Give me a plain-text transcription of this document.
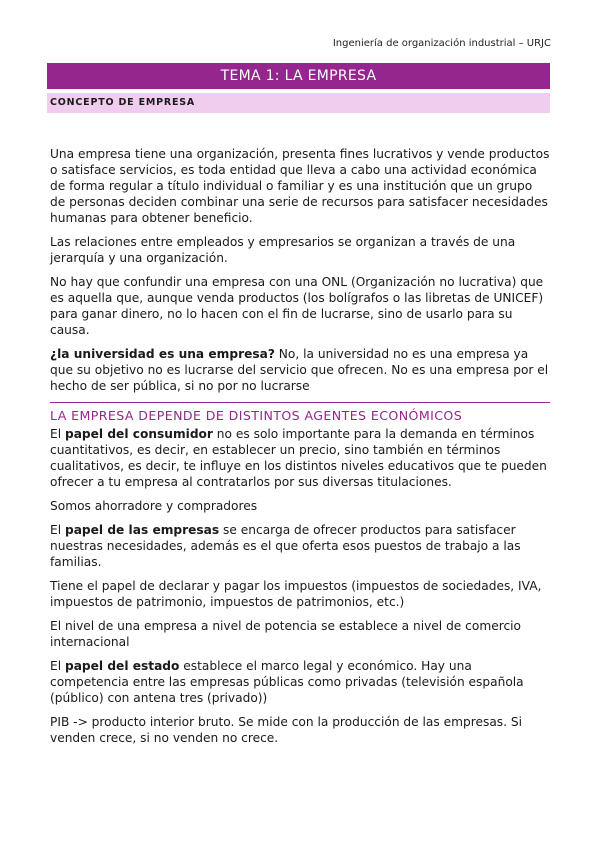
Ingeniería de organización industrial – URJC
TEMA 1: LA EMPRESA
CONCEPTO DE EMPRESA

Una empresa tiene una organización, presenta fines lucrativos y vende productos o satisface servicios, es toda entidad que lleva a cabo una actividad económica de forma regular a título individual o familiar y es una institución que un grupo de personas deciden combinar una serie de recursos para satisfacer necesidades humanas para obtener beneficio.

Las relaciones entre empleados y empresarios se organizan a través de una jerarquía y una organización.

No hay que confundir una empresa con una ONL (Organización no lucrativa) que es aquella que, aunque venda productos (los bolígrafos o las libretas de UNICEF) para ganar dinero, no lo hacen con el fin de lucrarse, sino de usarlo para su causa.

¿la universidad es una empresa? No, la universidad no es una empresa ya que su objetivo no es lucrarse del servicio que ofrecen. No es una empresa por el hecho de ser pública, si no por no lucrarse

LA EMPRESA DEPENDE DE DISTINTOS AGENTES ECONÓMICOS

El papel del consumidor no es solo importante para la demanda en términos cuantitativos, es decir, en establecer un precio, sino también en términos cualitativos, es decir, te influye en los distintos niveles educativos que te pueden ofrecer a tu empresa al contratarlos por sus diversas titulaciones.

Somos ahorradore y compradores

El papel de las empresas se encarga de ofrecer productos para satisfacer nuestras necesidades, además es el que oferta esos puestos de trabajo a las familias.

Tiene el papel de declarar y pagar los impuestos (impuestos de sociedades, IVA, impuestos de patrimonio, impuestos de patrimonios, etc.)

El nivel de una empresa a nivel de potencia se establece a nivel de comercio internacional

El papel del estado establece el marco legal y económico. Hay una competencia entre las empresas públicas como privadas (televisión española (público) con antena tres (privado))

PIB -> producto interior bruto. Se mide con la producción de las empresas. Si venden crece, si no venden no crece.
